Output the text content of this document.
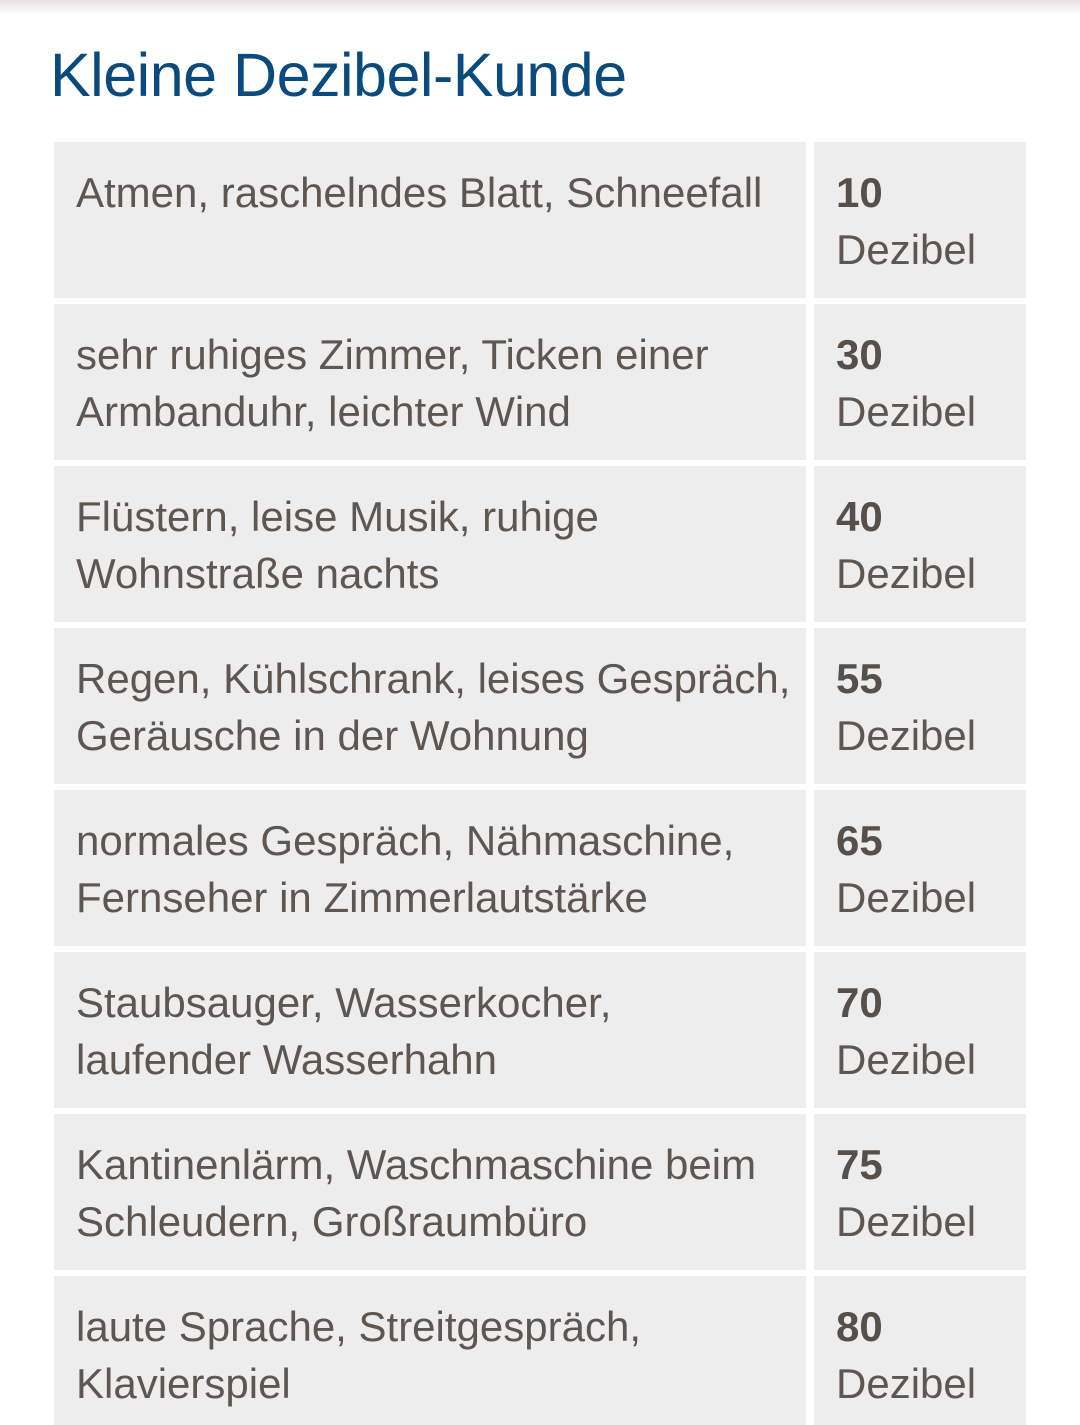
Kleine Dezibel-Kunde
Atmen, raschelndes Blatt, Schneefall	10
Dezibel
sehr ruhiges Zimmer, Ticken einer Armbanduhr, leichter Wind
30
Dezibel
Flüstern, leise Musik, ruhige Wohnstraße nachts
40
Dezibel
Regen, Kühlschrank, leises Gespräch, Geräusche in der Wohnung
55
Dezibel
normales Gespräch, Nähmaschine, Fernseher in Zimmerlautstärke
65
Dezibel
Staubsauger, Wasserkocher, laufender Wasserhahn
70
Dezibel
Kantinenlärm, Waschmaschine beim Schleudern, Großraumbüro
75
Dezibel
laute Sprache, Streitgespräch, Klavierspiel
80
Dezibel
